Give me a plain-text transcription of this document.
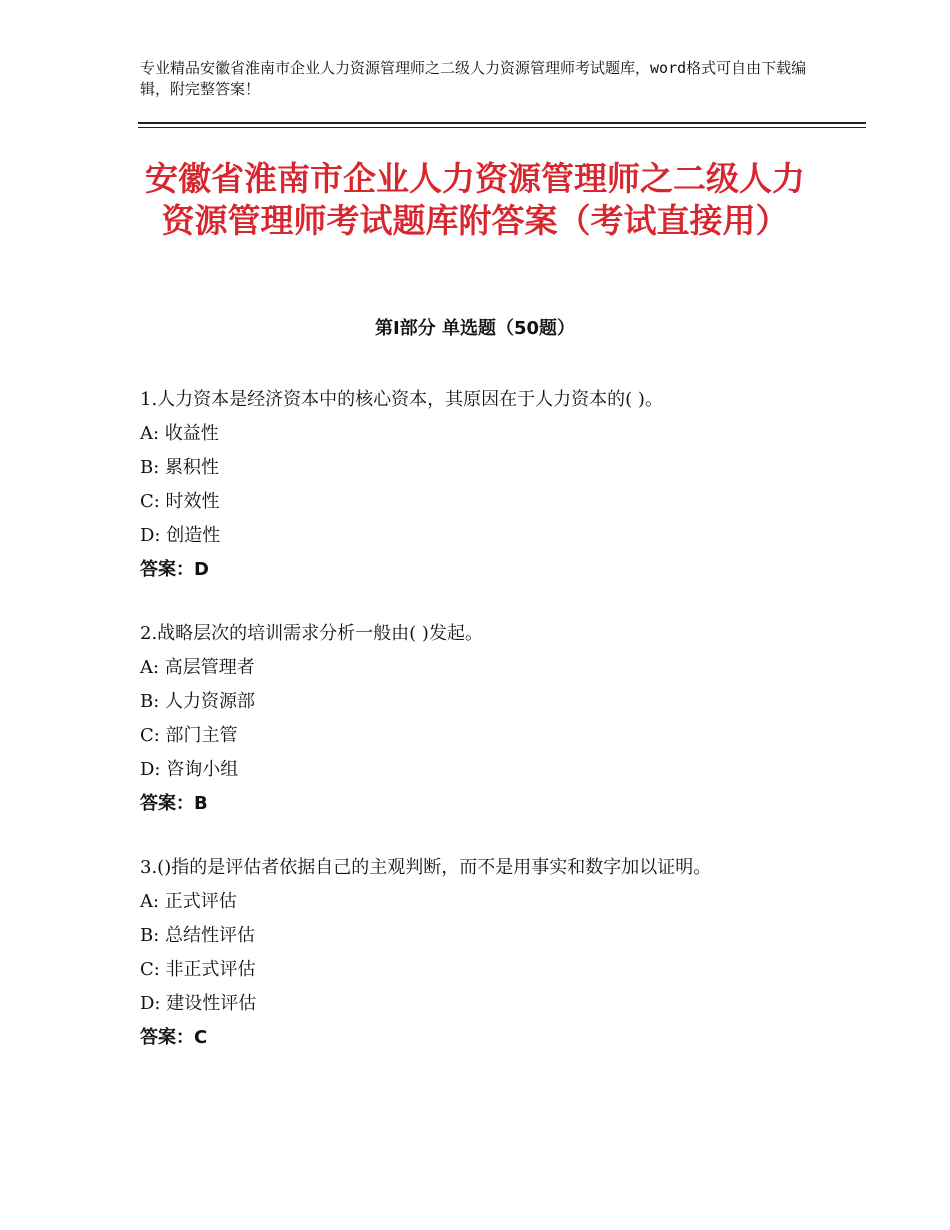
专业精品安徽省淮南市企业人力资源管理师之二级人力资源管理师考试题库，word格式可自由下载编辑，附完整答案！
安徽省淮南市企业人力资源管理师之二级人力资源管理师考试题库附答案（考试直接用）
第Ⅰ部分 单选题（50题）
1.人力资本是经济资本中的核心资本，其原因在于人力资本的( )。
A: 收益性
B: 累积性
C: 时效性
D: 创造性
答案：D
2.战略层次的培训需求分析一般由( )发起。
A: 高层管理者
B: 人力资源部
C: 部门主管
D: 咨询小组
答案：B
3.()指的是评估者依据自己的主观判断，而不是用事实和数字加以证明。
A: 正式评估
B: 总结性评估
C: 非正式评估
D: 建设性评估
答案：C
